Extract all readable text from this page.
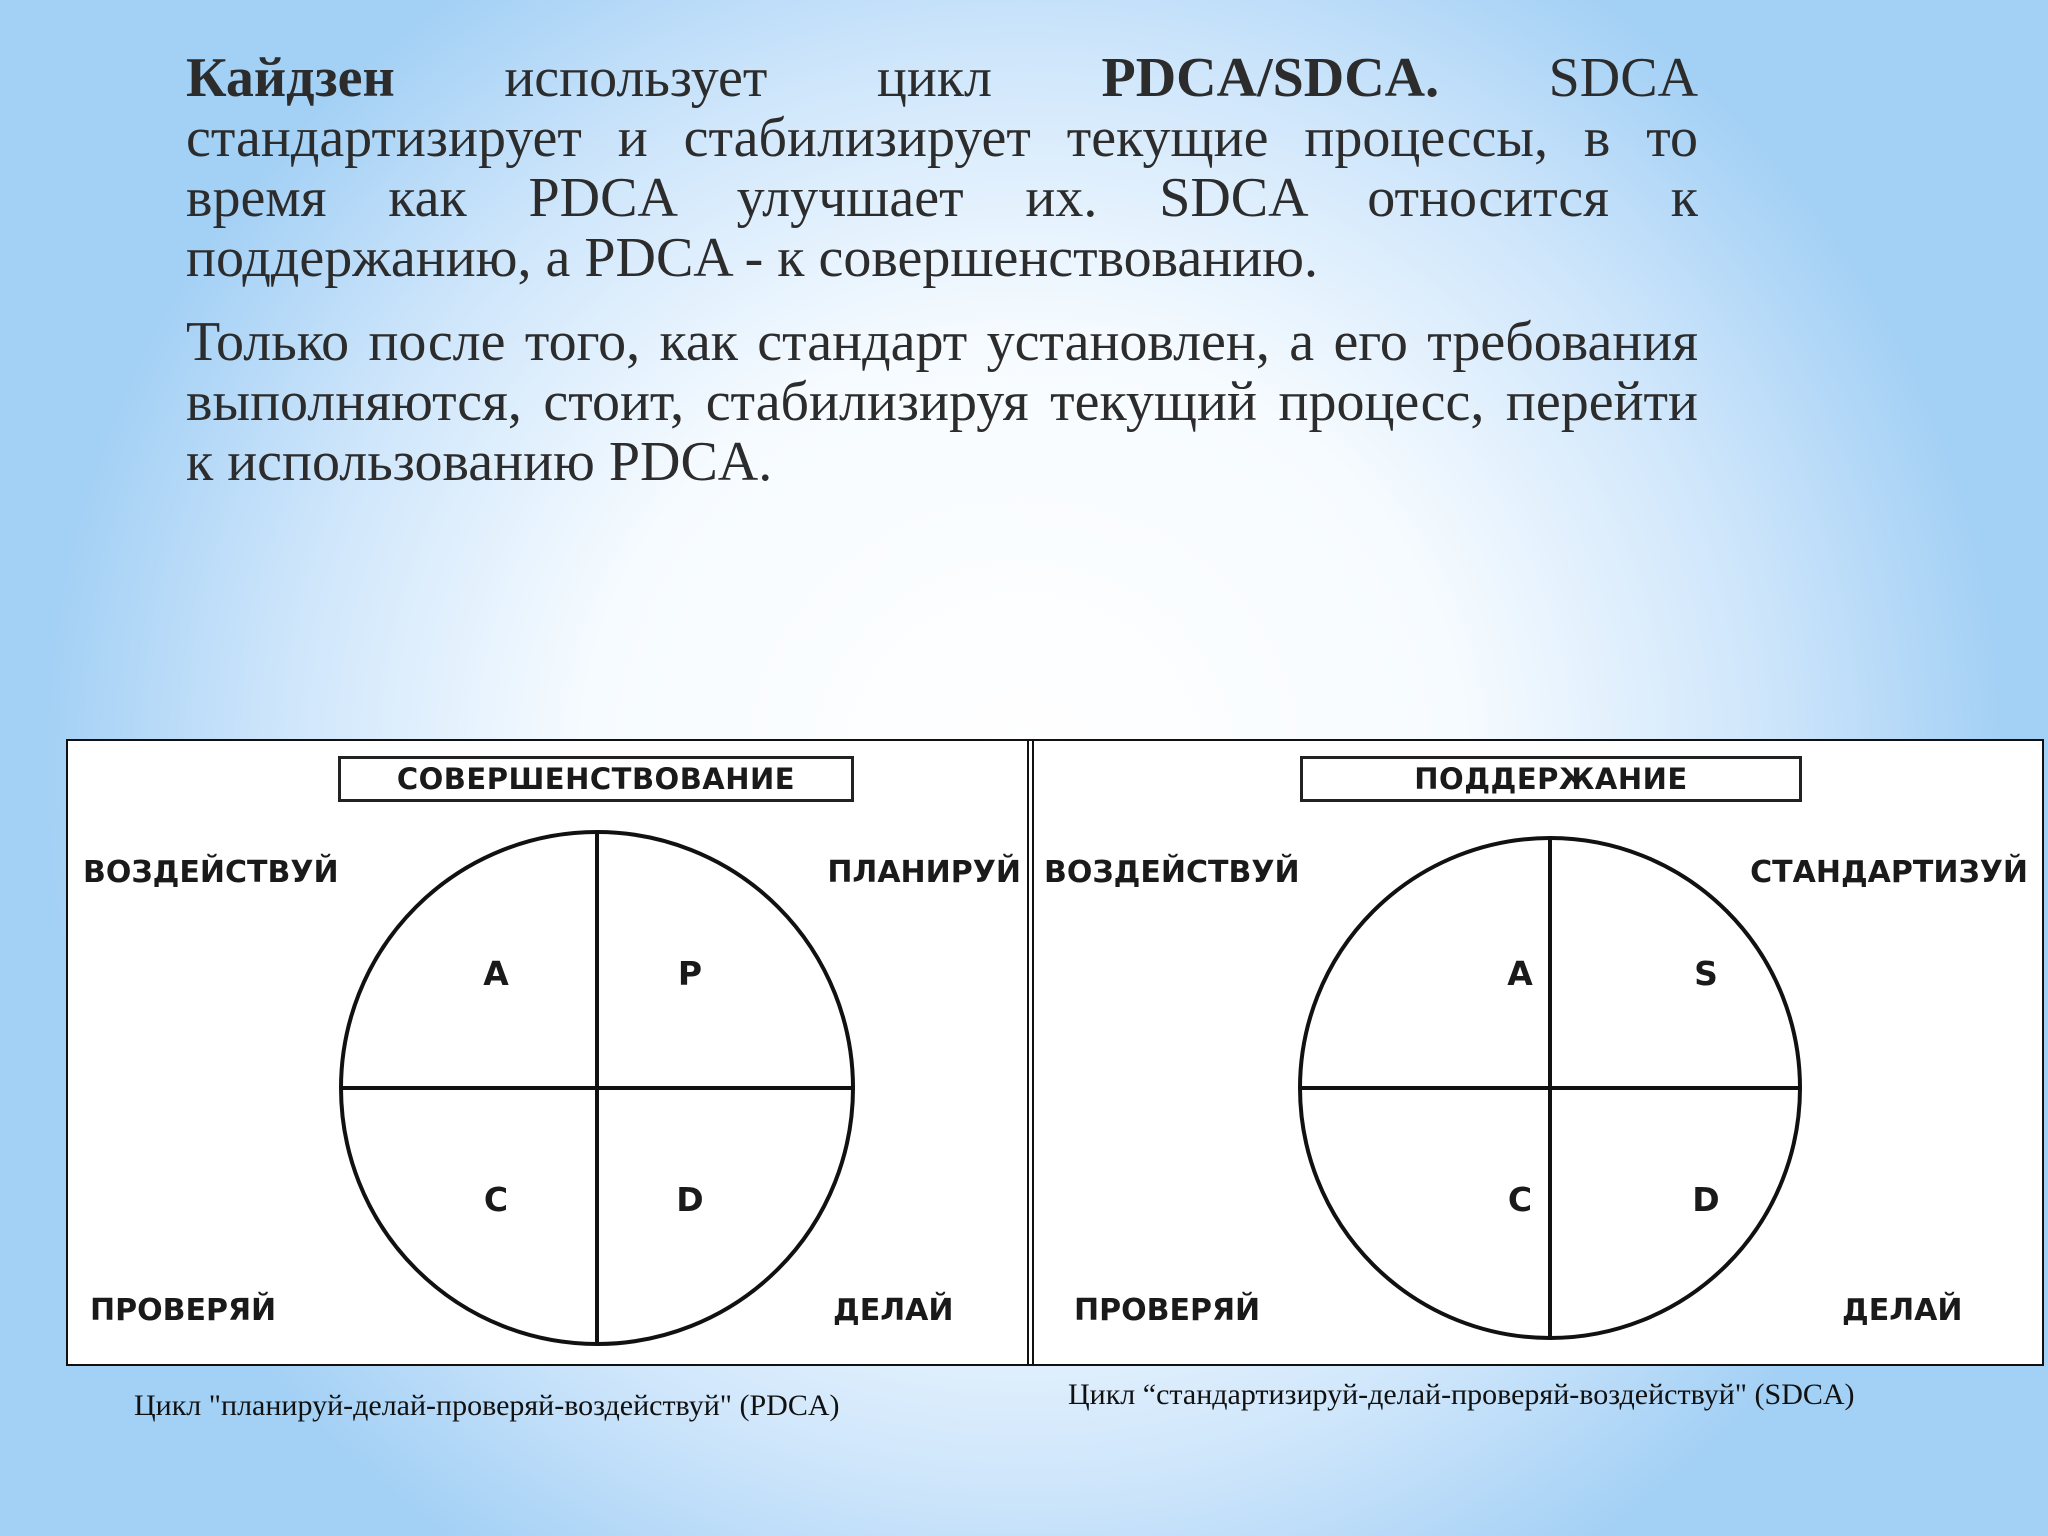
Кайдзен использует цикл PDCA/SDCA. SDCA стандартизирует и стабилизирует текущие процессы, в то время как PDCA улучшает их. SDCA относится к поддержанию, а PDCA - к совершенствованию.

Только после того, как стандарт установлен, а его требования выполняются, стоит, стабилизируя текущий процесс, перейти к использованию PDCA.

СОВЕРШЕНСТВОВАНИЕ
A	P
C	D
ВОЗДЕЙСТВУЙ	ПЛАНИРУЙ
ПРОВЕРЯЙ	ДЕЛАЙ
ПОДДЕРЖАНИЕ
A	S
C	D
ВОЗДЕЙСТВУЙ	СТАНДАРТИЗУЙ
ПРОВЕРЯЙ	ДЕЛАЙ
Цикл "планируй-делай-проверяй-воздействуй" (PDCA)	Цикл “стандартизируй-делай-проверяй-воздействуй" (SDCA)
